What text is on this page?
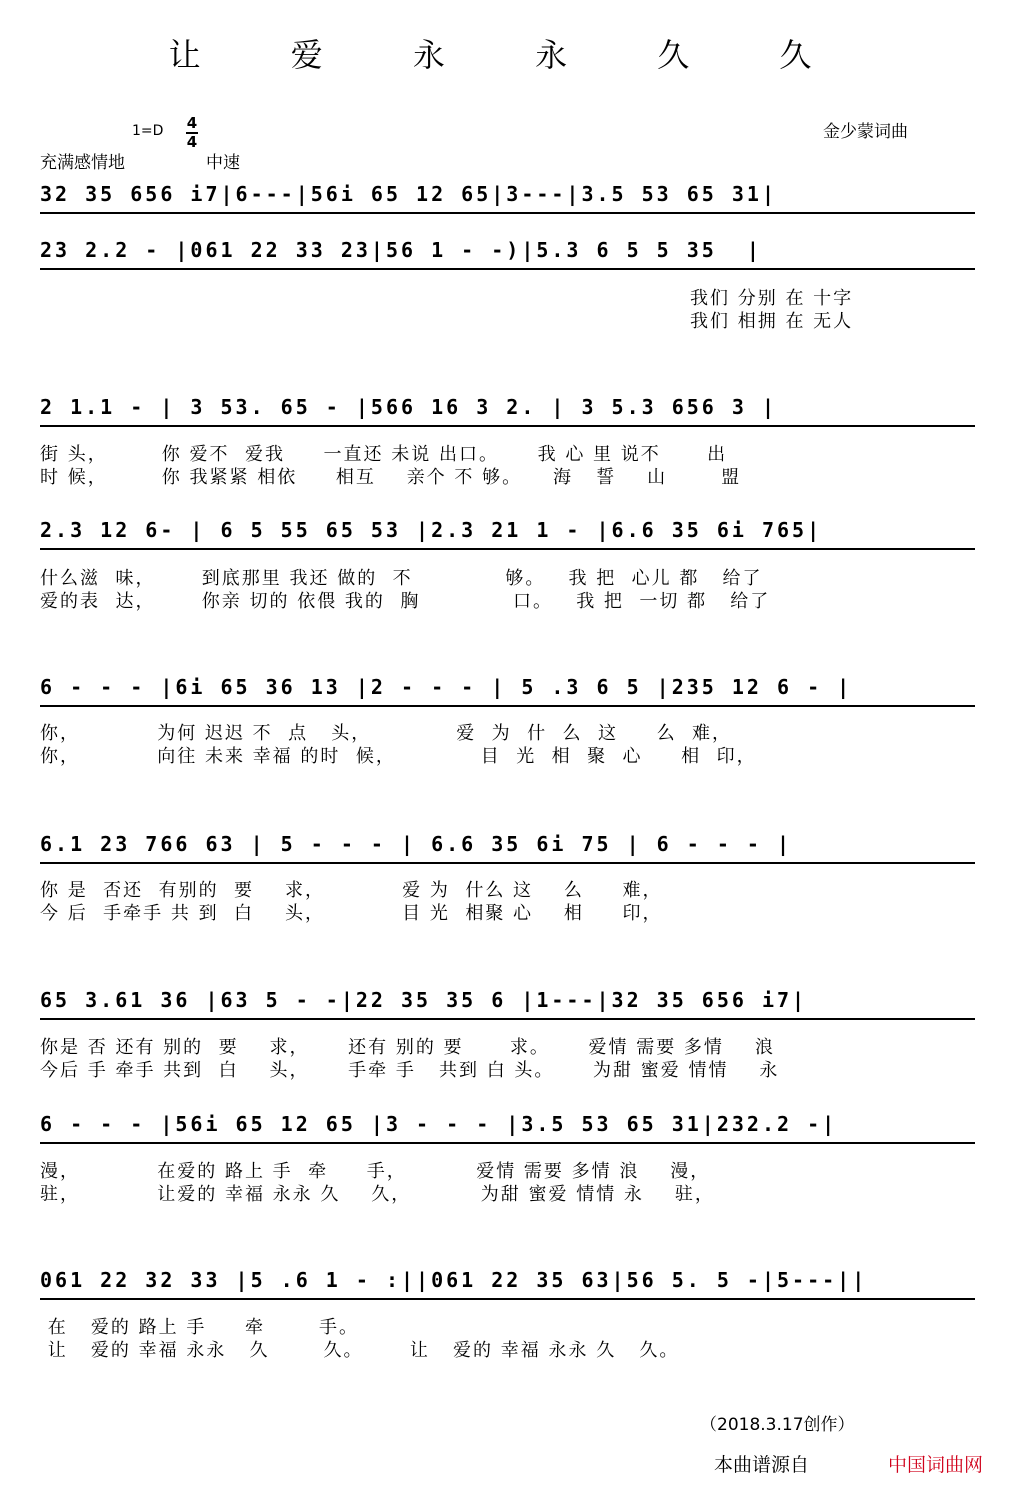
让 爱 永 永 久 久
1=D 4
4
充满感情地	中速
金少蒙词曲
32 35 656 i7|6---|56i 65 12 65|3---|3.5 53 65 31|
23 2.2 - |061 22 33 23|56 1 - -)|5.3 6 5 5 35  |
我们 分别 在 十字
我们 相拥 在 无人
2 1.1 - | 3 53. 65 - |566 16 3 2. | 3 5.3 656 3 |
街 头，       你 爱不  爱我     一直还 未说 出口。     我 心 里 说不      出
时 候，       你 我紧紧 相依     相互    亲个 不 够。    海   誓    山       盟
2.3 12 6- | 6 5 55 65 53 |2.3 21 1 - |6.6 35 6i 765|
什么滋  味，      到底那里 我还 做的  不            够。   我 把  心儿 都   给了
爱的表  达，      你亲 切的 依偎 我的  胸            口。   我 把  一切 都   给了
6 - - - |6i 65 36 13 |2 - - - | 5 .3 6 5 |235 12 6 - |
你，          为何 迟迟 不  点   头，           爱  为  什  么  这     么  难，
你，          向往 未来 幸福 的时  候，           目  光  相  聚  心     相  印，
6.1 23 766 63 | 5 - - - | 6.6 35 6i 75 | 6 - - - |
你 是  否还  有别的  要    求，          爱 为  什么 这    么     难，
今 后  手牵手 共 到  白    头，          目 光  相聚 心    相     印，
65 3.61 36 |63 5 - -|22 35 35 6 |1---|32 35 656 i7|
你是 否 还有 别的  要    求，     还有 别的 要      求。     爱情 需要 多情    浪
今后 手 牵手 共到  白    头，     手牵 手   共到 白 头。     为甜 蜜爱 情情    永
6 - - - |56i 65 12 65 |3 - - - |3.5 53 65 31|232.2 -|
漫，          在爱的 路上 手  牵     手，         爱情 需要 多情 浪    漫，
驻，          让爱的 幸福 永永 久    久，         为甜 蜜爱 情情 永    驻，
061 22 32 33 |5 .6 1 - :||061 22 35 63|56 5. 5 -|5---||
在   爱的 路上 手     牵       手。
让   爱的 幸福 永永   久       久。      让   爱的 幸福 永永 久   久。
（2018.3.17创作）
本曲谱源自	中国词曲网
